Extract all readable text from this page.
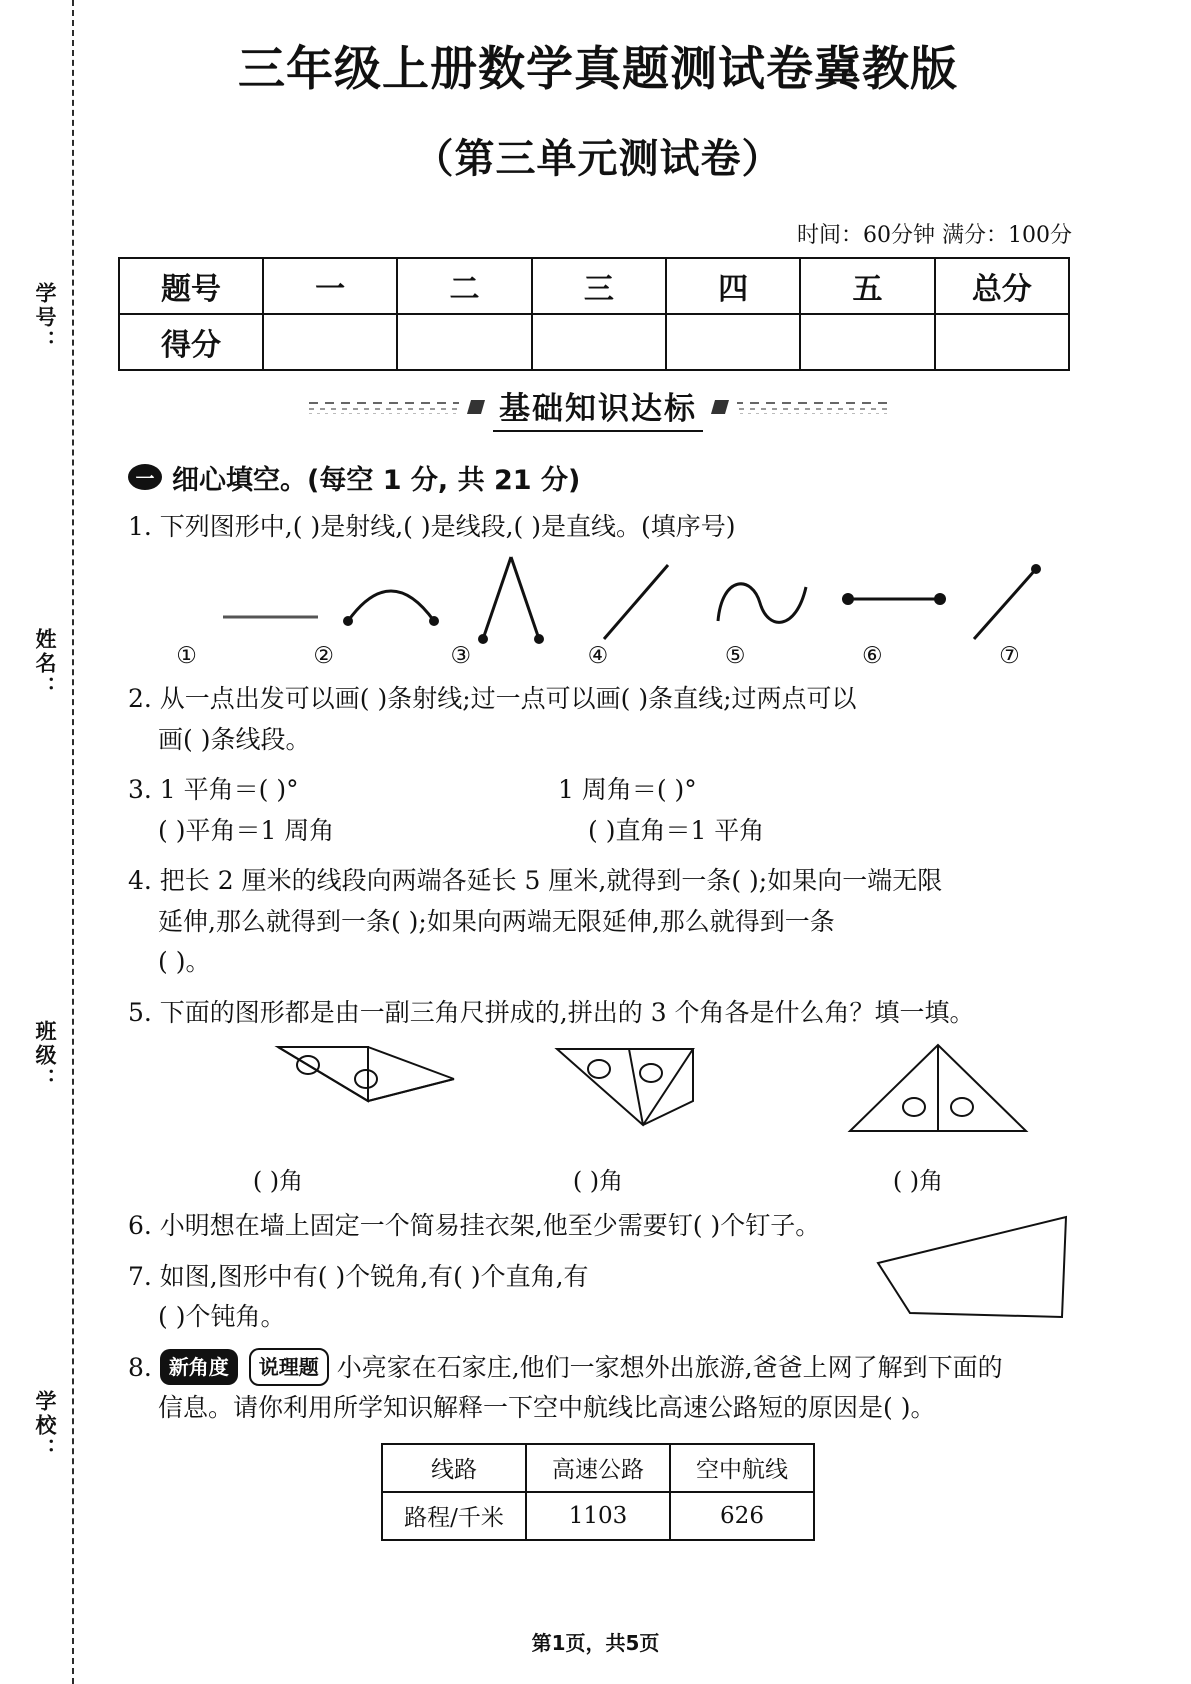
学号：
姓名：
班级：
学校：
三年级上册数学真题测试卷冀教版
（第三单元测试卷）
时间：60分钟 满分：100分
题号	一	二	三	四	五	总分
得分						
基础知识达标
一 细心填空。(每空 1 分, 共 21 分)
1. 下列图形中,( )是射线,( )是线段,( )是直线。(填序号)
①	②	③	④	⑤	⑥	⑦
2. 从一点出发可以画( )条射线;过一点可以画( )条直线;过两点可以
画( )条线段。
3. 1 平角＝( )°	1 周角＝( )°
( )平角＝1 周角	( )直角＝1 平角
4. 把长 2 厘米的线段向两端各延长 5 厘米,就得到一条( );如果向一端无限
延伸,那么就得到一条( );如果向两端无限延伸,那么就得到一条
( )。
5. 下面的图形都是由一副三角尺拼成的,拼出的 3 个角各是什么角？填一填。
( )角	( )角	( )角
6. 小明想在墙上固定一个简易挂衣架,他至少需要钉( )个钉子。
7. 如图,图形中有( )个锐角,有( )个直角,有
( )个钝角。
8. 新角度 说理题 小亮家在石家庄,他们一家想外出旅游,爸爸上网了解到下面的
信息。请你利用所学知识解释一下空中航线比高速公路短的原因是( )。
线路	高速公路	空中航线
路程/千米	1103	626
第1页，共5页
